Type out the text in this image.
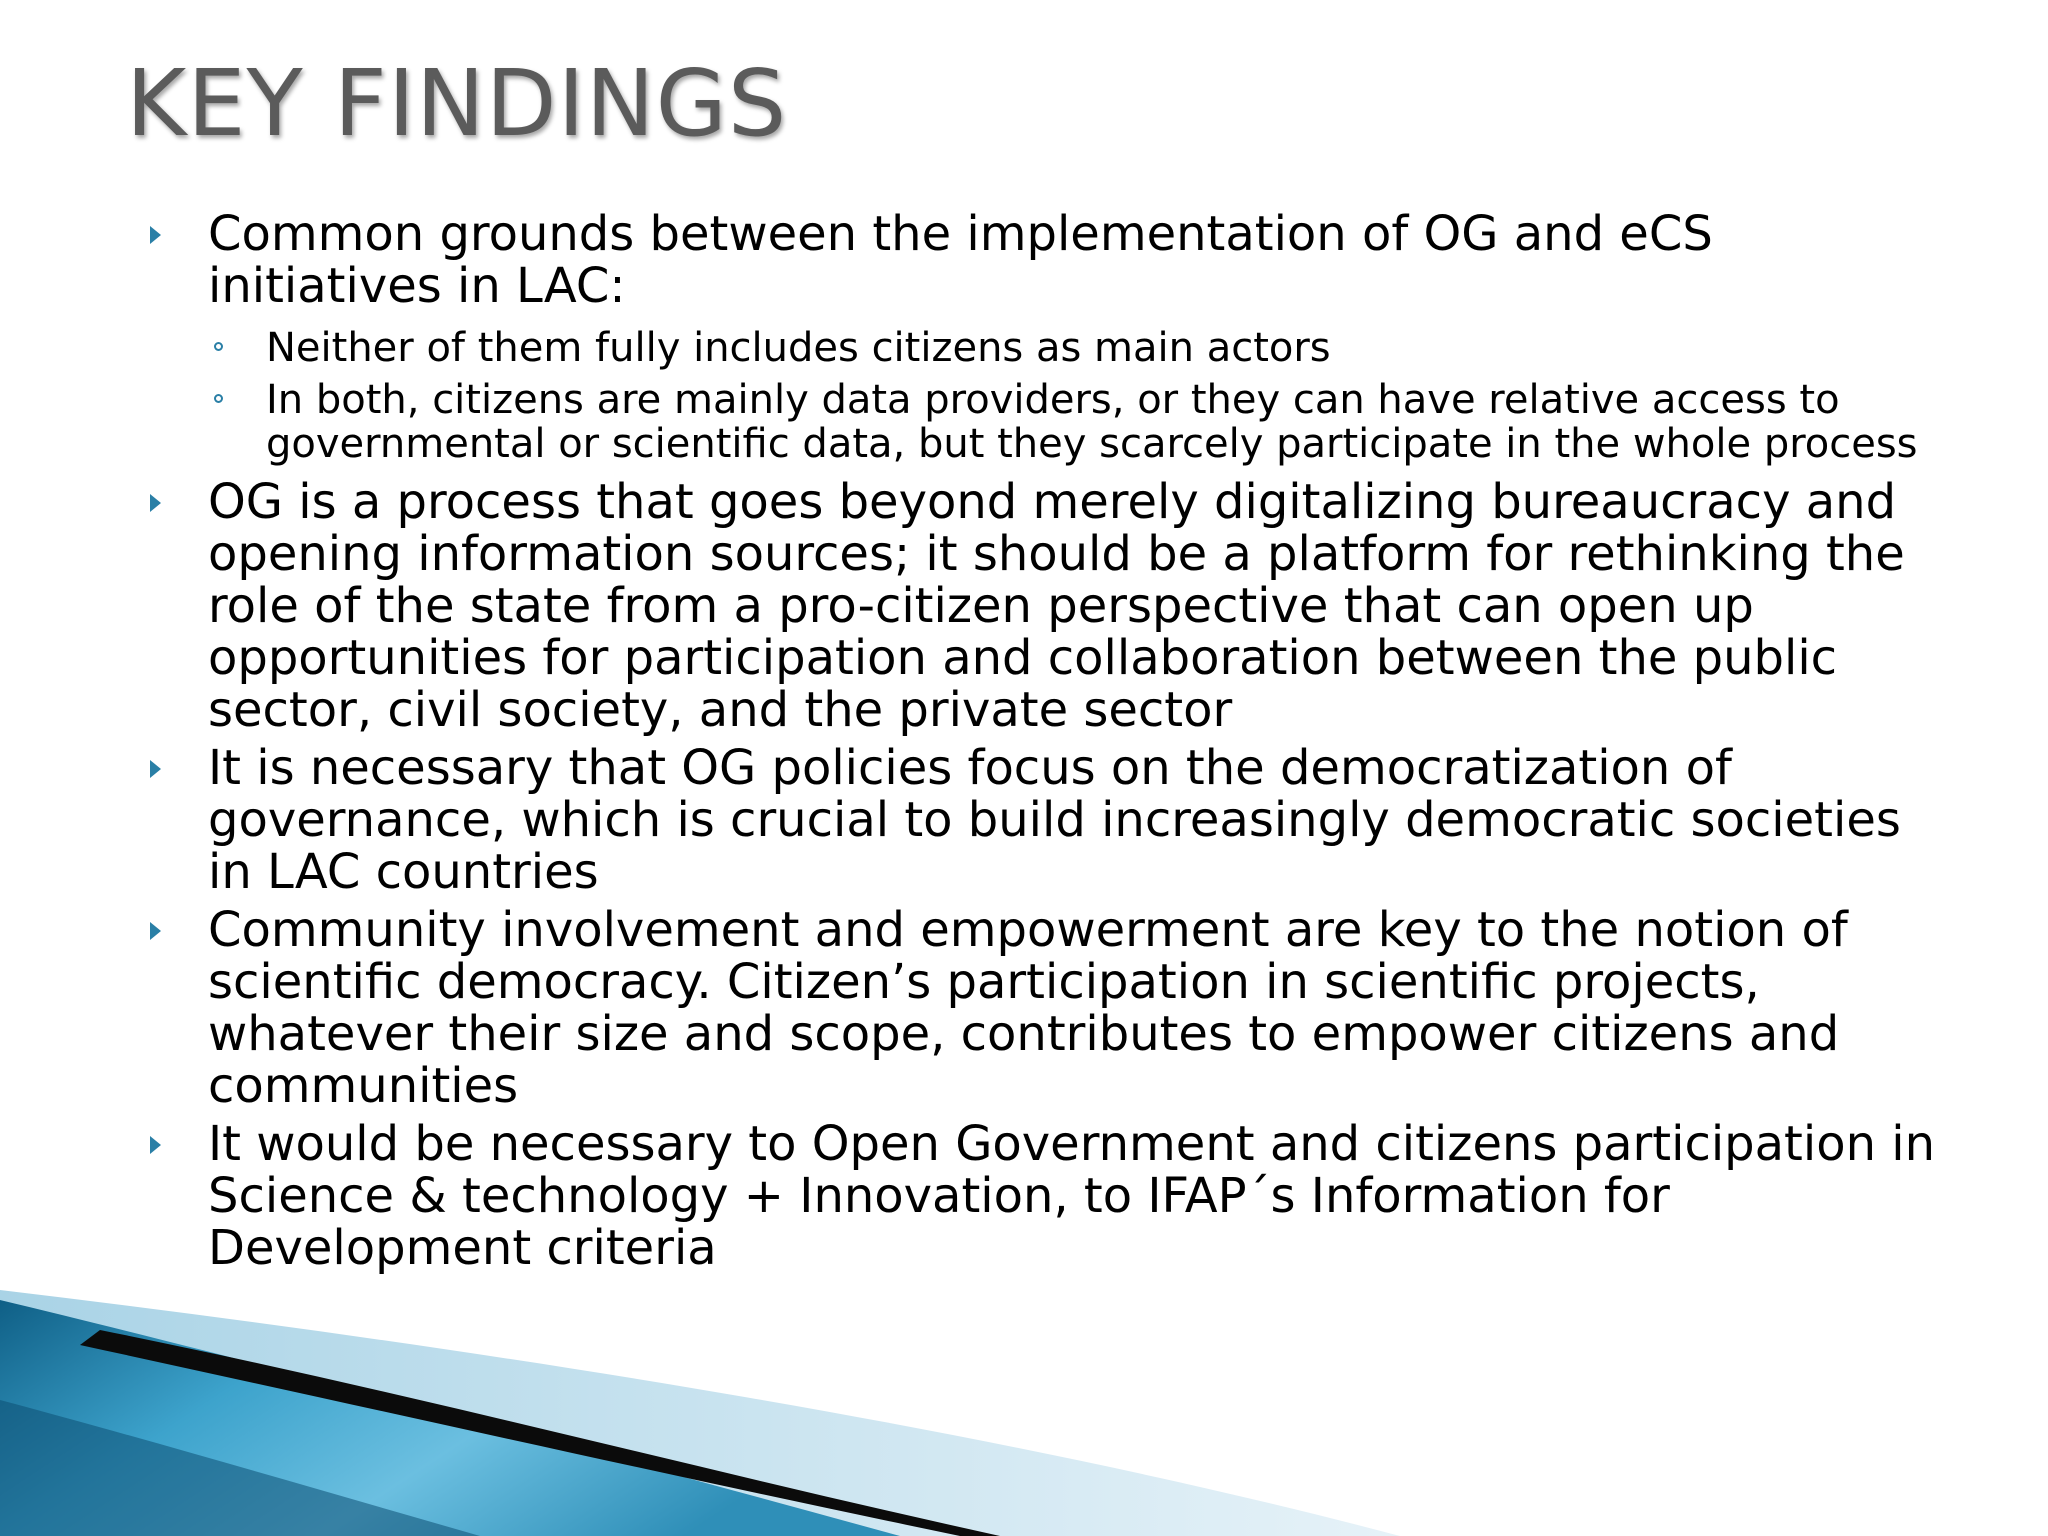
KEY FINDINGS
Common grounds between the implementation of OG and eCS initiatives in LAC:
Neither of them fully includes citizens as main actors
In both, citizens are mainly data providers, or they can have relative access to governmental or scientific data, but they scarcely participate in the whole process
OG is a process that goes beyond merely digitalizing bureaucracy and opening information sources; it should be a platform for rethinking the role of the state from a pro-citizen perspective that can open up opportunities for participation and collaboration between the public sector, civil society, and the private sector
It is necessary that OG policies focus on the democratization of governance, which is crucial to build increasingly democratic societies in LAC countries
Community involvement and empowerment are key to the notion of scientific democracy. Citizen’s participation in scientific projects, whatever their size and scope, contributes to empower citizens and communities
It would be necessary to Open Government and citizens participation in Science & technology + Innovation, to IFAP´s Information for Development criteria
